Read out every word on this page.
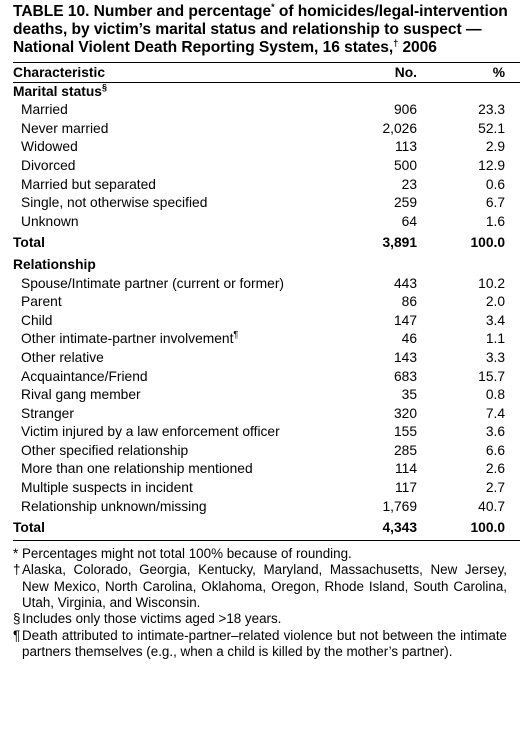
TABLE 10. Number and percentage* of homicides/legal-intervention deaths, by victim’s marital status and relationship to suspect — National Violent Death Reporting System, 16 states,† 2006

Characteristic	No.	%
Marital status§		
Married	906	23.3
Never married	2,026	52.1
Widowed	113	2.9
Divorced	500	12.9
Married but separated	23	0.6
Single, not otherwise specified	259	6.7
Unknown	64	1.6
Total	3,891	100.0
Relationship		
Spouse/Intimate partner (current or former)	443	10.2
Parent	86	2.0
Child	147	3.4
Other intimate-partner involvement¶	46	1.1
Other relative	143	3.3
Acquaintance/Friend	683	15.7
Rival gang member	35	0.8
Stranger	320	7.4
Victim injured by a law enforcement officer	155	3.6
Other specified relationship	285	6.6
More than one relationship mentioned	114	2.6
Multiple suspects in incident	117	2.7
Relationship unknown/missing	1,769	40.7
Total	4,343	100.0
* Percentages might not total 100% because of rounding.
† Alaska, Colorado, Georgia, Kentucky, Maryland, Massachusetts, New Jersey, New Mexico, North Carolina, Oklahoma, Oregon, Rhode Island, South Carolina, Utah, Virginia, and Wisconsin.
§ Includes only those victims aged >18 years.
¶ Death attributed to intimate-partner–related violence but not between the intimate partners themselves (e.g., when a child is killed by the mother’s partner).
